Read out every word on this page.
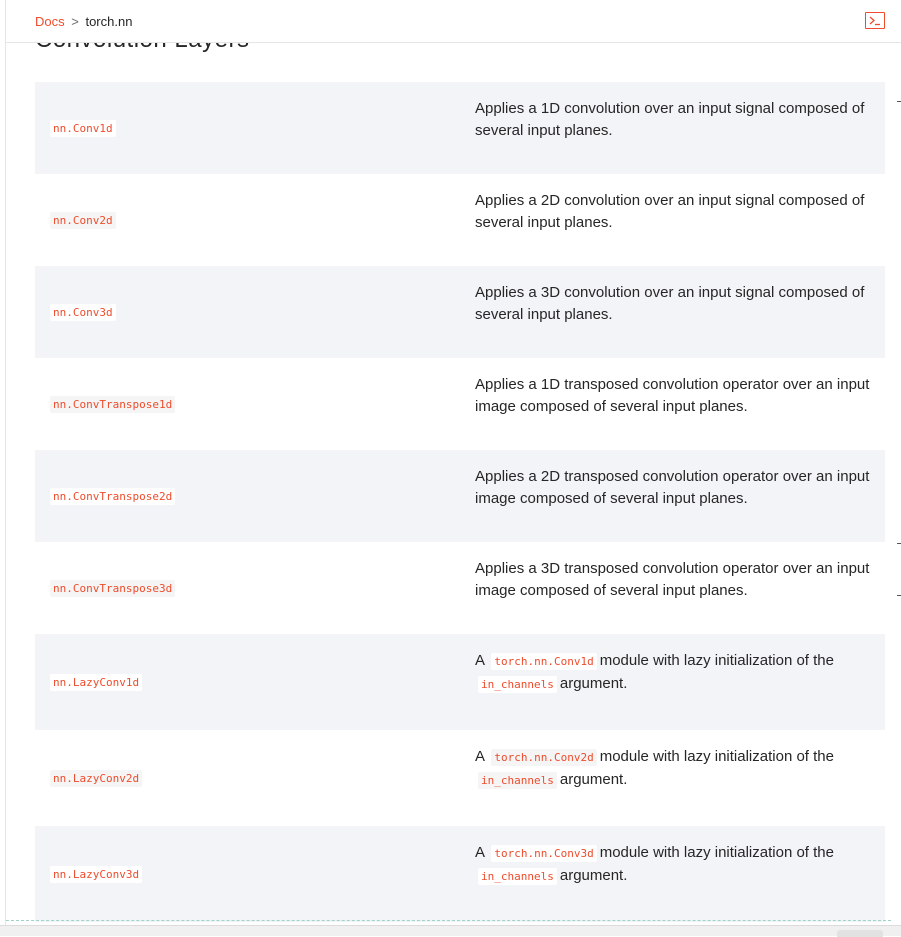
Docs > torch.nn
nn.Conv1d
Applies a 1D convolution over an input signal composed of several input planes.
nn.Conv2d
Applies a 2D convolution over an input signal composed of several input planes.
nn.Conv3d
Applies a 3D convolution over an input signal composed of several input planes.
nn.ConvTranspose1d
Applies a 1D transposed convolution operator over an input image composed of several input planes.
nn.ConvTranspose2d
Applies a 2D transposed convolution operator over an input image composed of several input planes.
nn.ConvTranspose3d
Applies a 3D transposed convolution operator over an input image composed of several input planes.
nn.LazyConv1d
A torch.nn.Conv1d module with lazy initialization of the in_channels argument.
nn.LazyConv2d
A torch.nn.Conv2d module with lazy initialization of the in_channels argument.
nn.LazyConv3d
A torch.nn.Conv3d module with lazy initialization of the in_channels argument.
